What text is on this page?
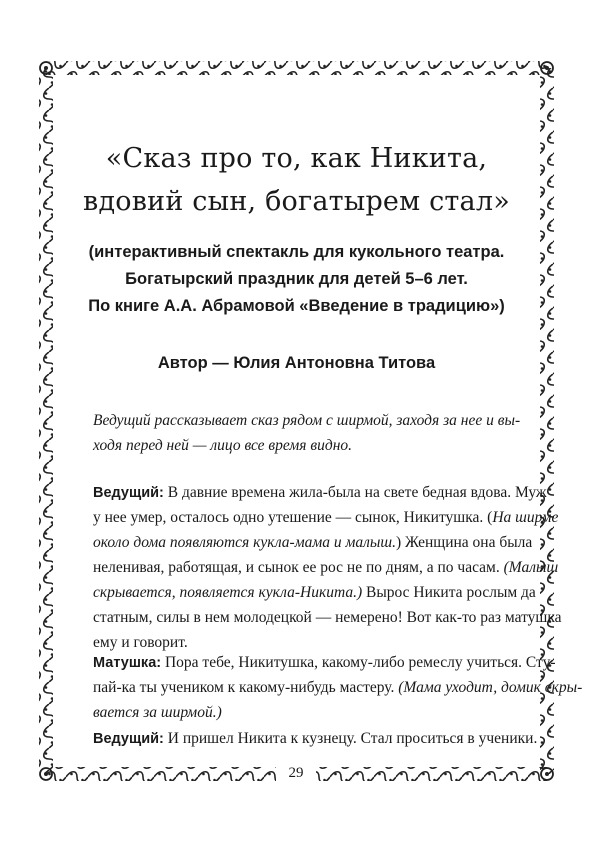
«Сказ про то, как Никита,
вдовий сын, богатырем стал»
(интерактивный спектакль для кукольного театра.
Богатырский праздник для детей 5–6 лет.
По книге А.А. Абрамовой «Введение в традицию»)
Автор — Юлия Антоновна Титова
Ведущий рассказывает сказ рядом с ширмой, заходя за нее и вы-
ходя перед ней — лицо все время видно.
Ведущий: В давние времена жила-была на свете бедная вдова. Муж
у нее умер, осталось одно утешение — сынок, Никитушка. (На ширме
около дома появляются кукла-мама и малыш.) Женщина она была
неленивая, работящая, и сынок ее рос не по дням, а по часам. (Малыш
скрывается, появляется кукла-Никита.) Вырос Никита рослым да
статным, силы в нем молодецкой — немерено! Вот как-то раз матушка
ему и говорит.
Матушка: Пора тебе, Никитушка, какому-либо ремеслу учиться. Сту-
пай-ка ты учеником к какому-нибудь мастеру. (Мама уходит, домик скры-
вается за ширмой.)
Ведущий: И пришел Никита к кузнецу. Стал проситься в ученики.
29
